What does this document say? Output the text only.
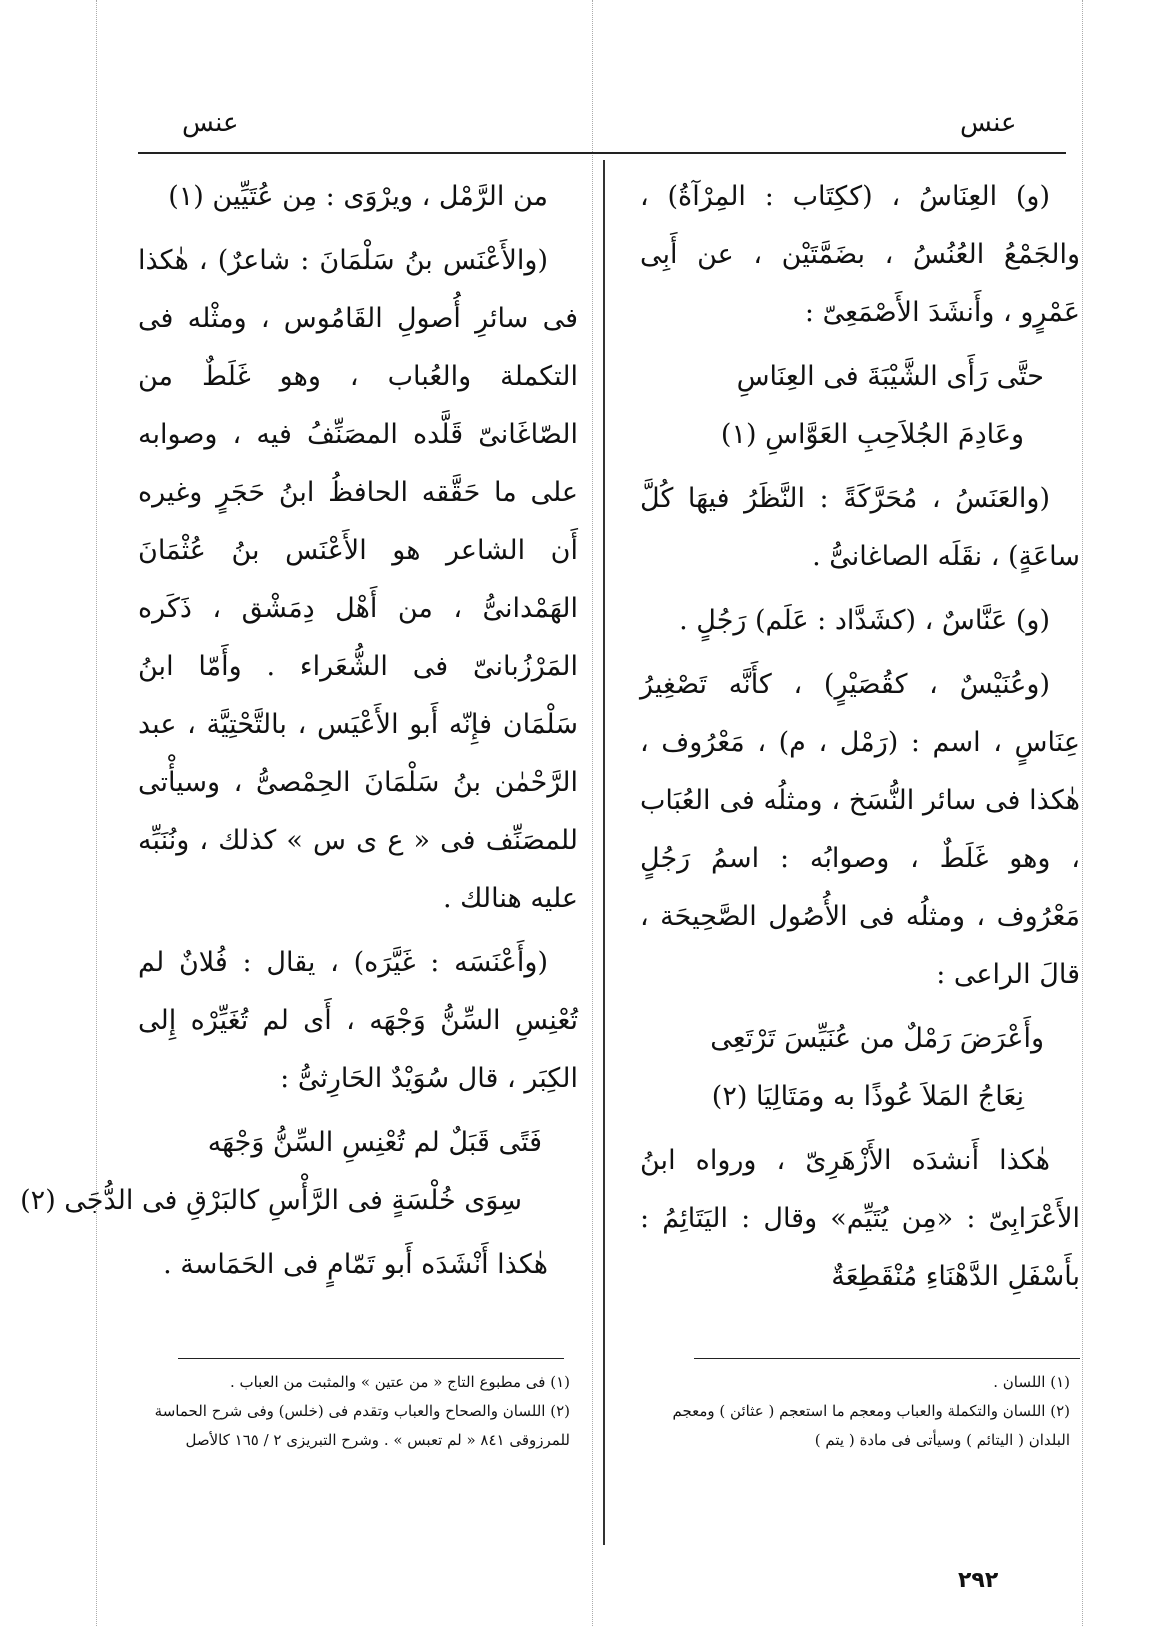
عنس
عنس

(و) العِنَاسُ ، (ككِتَاب : المِرْآةُ) ، والجَمْعُ العُنُسُ ، بضَمَّتَيْن ، عن أَبِى عَمْرٍو ، وأَنشَدَ الأَصْمَعِىّ :

حتَّى رَأَى الشَّيْبَةَ فى العِنَاسِ
وعَادِمَ الجُلاَحِبِ العَوَّاسِ (١)

(والعَنَسُ ، مُحَرَّكَةً : النَّظَرُ فيهَا كُلَّ ساعَةٍ) ، نقَلَه الصاغانىُّ .

(و) عَنَّاسٌ ، (كشَدَّاد : عَلَم) رَجُلٍ .

(وعُنَيْسٌ ، كقُصَيْرٍ) ، كأَنَّه تَصْغِيرُ عِنَاسٍ ، اسم : (رَمْل ، م) ، مَعْرُوف ، هٰكذا فى سائر النُّسَخ ، ومثلُه فى العُبَاب ، وهو غَلَطٌ ، وصوابُه : اسمُ رَجُلٍ مَعْرُوف ، ومثلُه فى الأُصُول الصَّحِيحَة ، قالَ الراعى :

وأَعْرَضَ رَمْلٌ من عُنَيِّسَ تَرْتَعِى
نِعَاجُ المَلاَ عُوذًا به ومَتَالِيَا (٢)

هٰكذا أَنشدَه الأَزْهَرِىّ ، ورواه ابنُ الأَعْرَابِىّ : «مِن يُتَيِّم» وقال : اليَتَائِمُ : بأَسْفَلِ الدَّهْنَاءِ مُنْقَطِعَةٌ

من الرَّمْل ، ويرْوَى : مِن عُتَيِّين (١)

(والأَعْنَس بنُ سَلْمَانَ : شاعرٌ) ، هٰكذا فى سائرِ أُصولِ القَامُوس ، ومثْله فى التكملة والعُباب ، وهو غَلَطٌ من الصّاغَانىّ قَلَّده المصَنِّفُ فيه ، وصوابه على ما حَقَّقه الحافظُ ابنُ حَجَرٍ وغيره أَن الشاعر هو الأَعْنَس بنُ عُثْمَانَ الهَمْدانىُّ ، من أَهْل دِمَشْق ، ذَكَره المَرْزُبانىّ فى الشُّعَراء . وأَمّا ابنُ سَلْمَان فإِنّه أَبو الأَعْيَس ، بالتَّحْتِيَّة ، عبد الرَّحْمٰن بنُ سَلْمَانَ الحِمْصىُّ ، وسيأْتى للمصَنِّف فى « ع ى س » كذلك ، ونُنَبِّه عليه هنالك .

(وأَعْنَسَه : غَيَّرَه) ، يقال : فُلانٌ لم تُعْنِسِ السِّنُّ وَجْهَه ، أَى لم تُغَيِّرْه إِلى الكِبَر ، قال سُوَيْدٌ الحَارِثىُّ :

فَتًى قَبَلٌ لم تُعْنِسِ السِّنُّ وَجْهَه
سِوَى خُلْسَةٍ فى الرَّأْسِ كالبَرْقِ فى الدُّجَى (٢)

هٰكذا أَنْشَدَه أَبو تَمّامٍ فى الحَمَاسة .

(١) اللسان .

(٢) اللسان والتكملة والعباب ومعجم ما استعجم ( عثائن ) ومعجم البلدان ( اليتائم ) وسيأتى فى مادة ( يتم )

(١) فى مطبوع التاج « من عتين » والمثبت من العباب .

(٢) اللسان والصحاح والعباب وتقدم فى (خلس) وفى شرح الحماسة للمرزوقى ٨٤١ « لم تعبس » . وشرح التبريزى ٢ / ١٦٥ كالأصل

٢٩٢
